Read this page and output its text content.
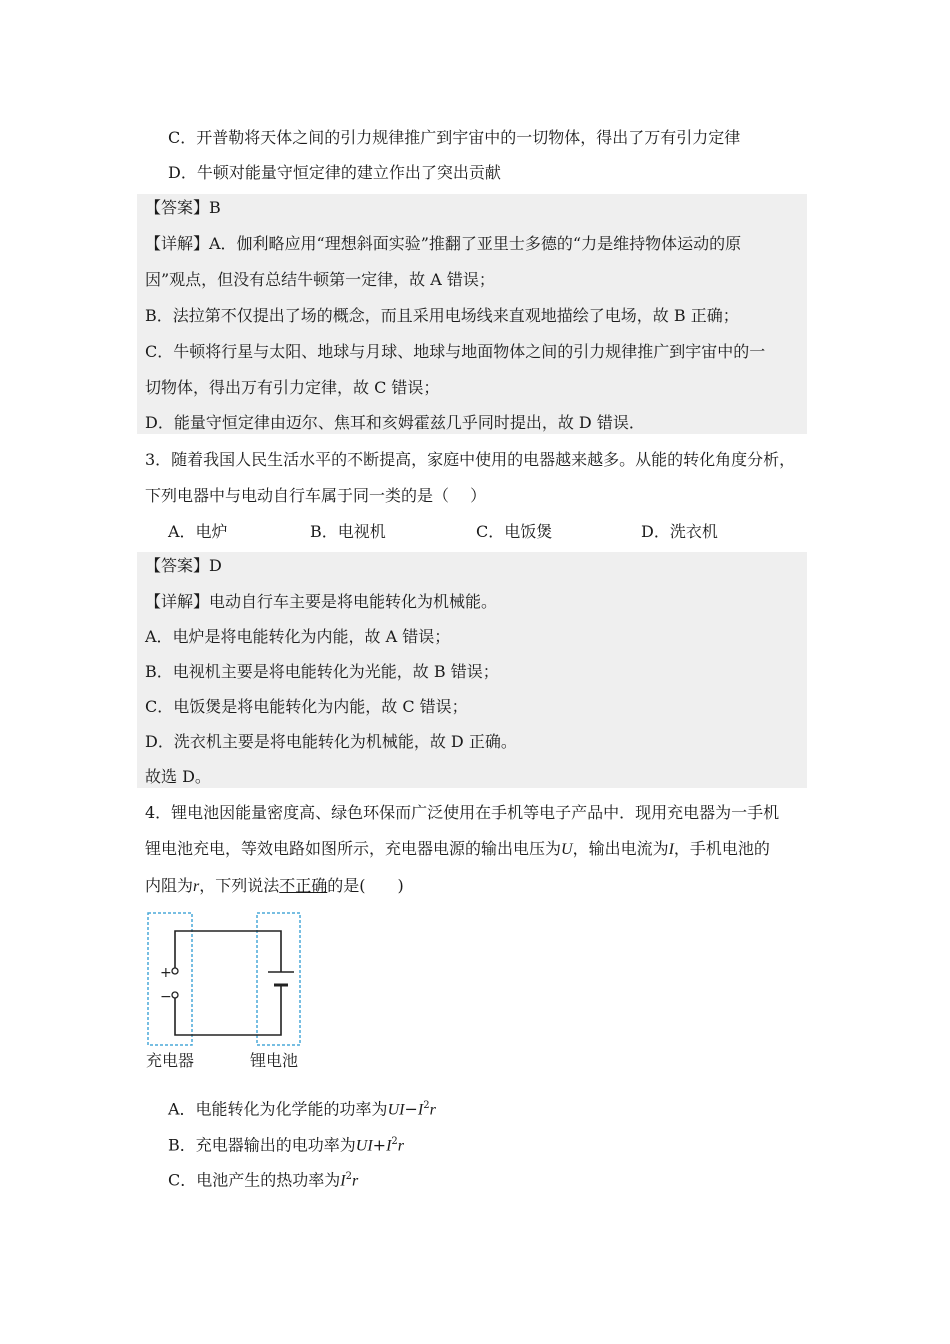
C．开普勒将天体之间的引力规律推广到宇宙中的一切物体，得出了万有引力定律
D．牛顿对能量守恒定律的建立作出了突出贡献
【答案】B
【详解】A．伽利略应用“理想斜面实验”推翻了亚里士多德的“力是维持物体运动的原
因”观点，但没有总结牛顿第一定律，故 A 错误；
B．法拉第不仅提出了场的概念，而且采用电场线来直观地描绘了电场，故 B 正确；
C．牛顿将行星与太阳、地球与月球、地球与地面物体之间的引力规律推广到宇宙中的一
切物体，得出万有引力定律，故 C 错误；
D．能量守恒定律由迈尔、焦耳和亥姆霍兹几乎同时提出，故 D 错误．
3．随着我国人民生活水平的不断提高，家庭中使用的电器越来越多。从能的转化角度分析，
下列电器中与电动自行车属于同一类的是（　 ）
A．电炉	B．电视机	C．电饭煲	D．洗衣机
【答案】D
【详解】电动自行车主要是将电能转化为机械能。
A．电炉是将电能转化为内能，故 A 错误；
B．电视机主要是将电能转化为光能，故 B 错误；
C．电饭煲是将电能转化为内能，故 C 错误；
D．洗衣机主要是将电能转化为机械能，故 D 正确。
故选 D。
4．锂电池因能量密度高、绿色环保而广泛使用在手机等电子产品中．现用充电器为一手机
锂电池充电，等效电路如图所示，充电器电源的输出电压为U，输出电流为I，手机电池的
内阻为r，下列说法不正确的是(　　)
+
−
充电器	锂电池
A．电能转化为化学能的功率为$UI-I^2r$
B．充电器输出的电功率为$UI+I^2r$
C．电池产生的热功率为$I^2r$
